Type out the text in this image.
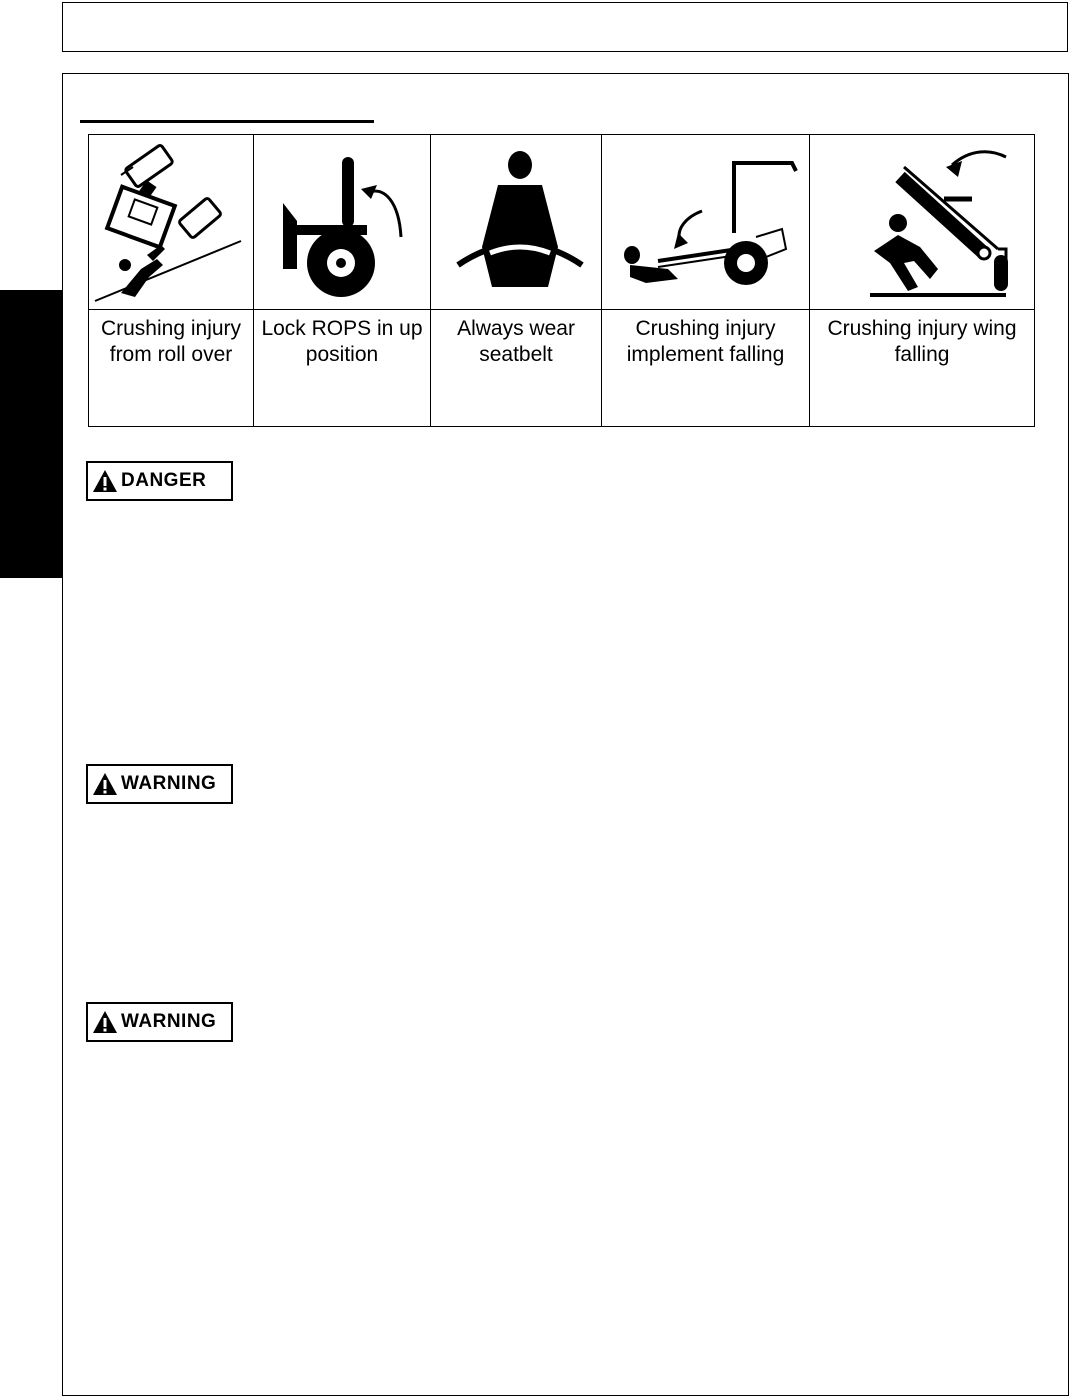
Crushing injury from roll over	Lock ROPS in up position	Always wear seatbelt	Crushing injury implement falling	Crushing injury wing falling
DANGER
WARNING
WARNING
